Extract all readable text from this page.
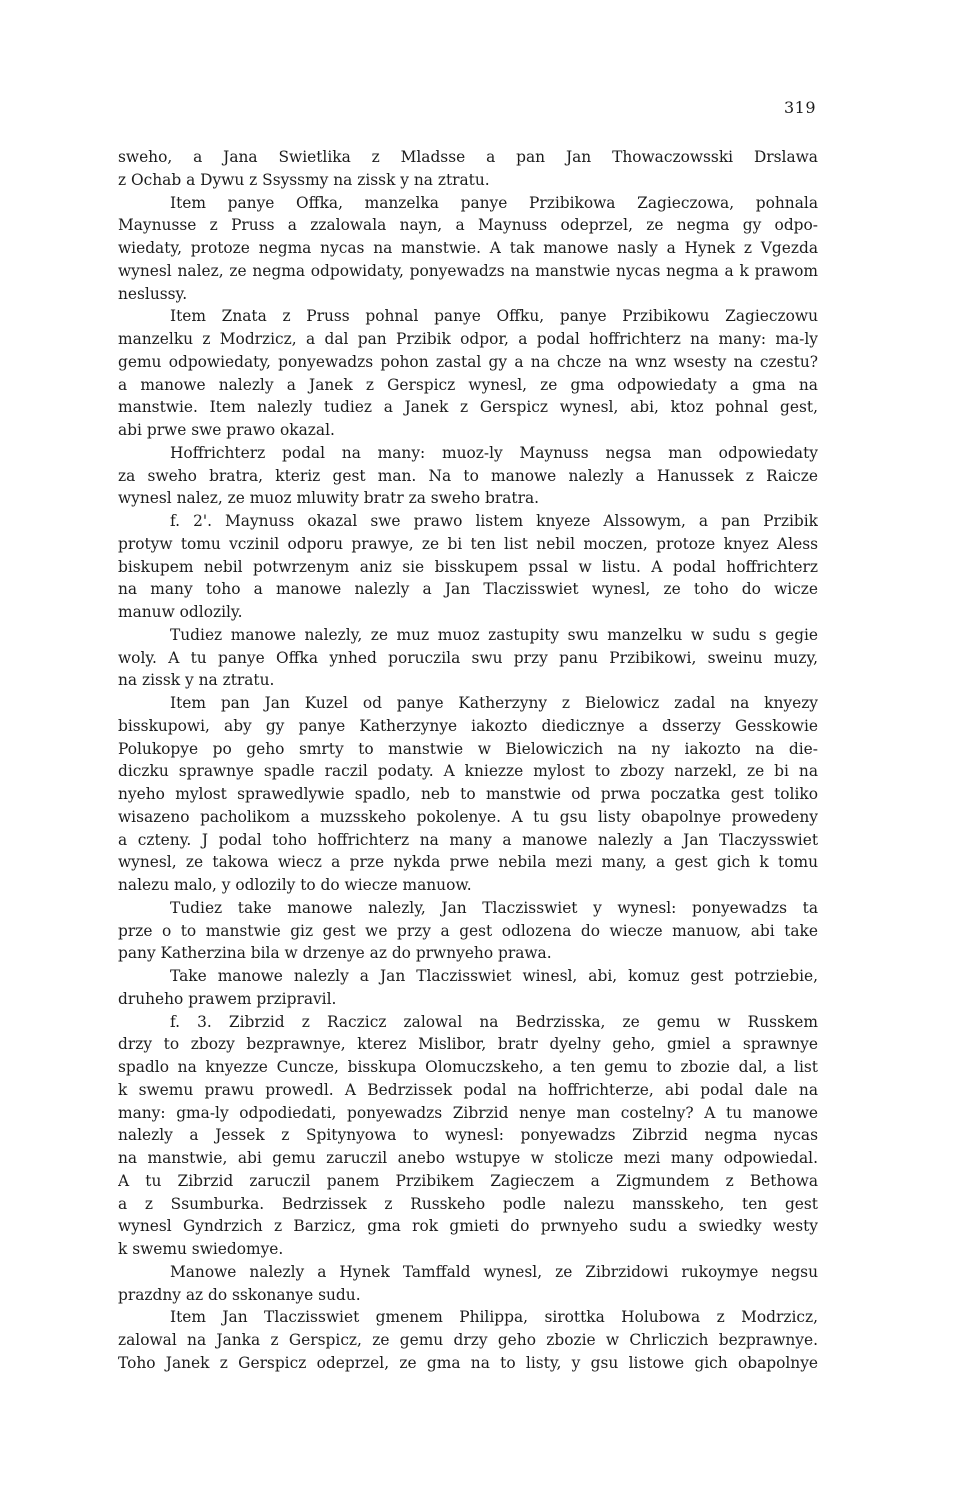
319
sweho, a Jana Swietlika z Mladsse a pan Jan Thowaczowsski Drslawa
z Ochab a Dywu z Ssyssmy na zissk y na ztratu.
Item panye Offka, manzelka panye Przibikowa Zagieczowa, pohnala
Maynusse z Pruss a zzalowala nayn, a Maynuss odeprzel, ze negma gy odpo-
wiedaty, protoze negma nycas na manstwie. A tak manowe nasly a Hynek z Vgezda
wynesl nalez, ze negma odpowidaty, ponyewadzs na manstwie nycas negma a k prawom
neslussy.
Item Znata z Pruss pohnal panye Offku, panye Przibikowu Zagieczowu
manzelku z Modrzicz, a dal pan Przibik odpor, a podal hoffrichterz na many: ma-ly
gemu odpowiedaty, ponyewadzs pohon zastal gy a na chcze na wnz wsesty na czestu?
a manowe nalezly a Janek z Gerspicz wynesl, ze gma odpowiedaty a gma na
manstwie. Item nalezly tudiez a Janek z Gerspicz wynesl, abi, ktoz pohnal gest,
abi prwe swe prawo okazal.
Hoffrichterz podal na many: muoz-ly Maynuss negsa man odpowiedaty
za sweho bratra, kteriz gest man. Na to manowe nalezly a Hanussek z Raicze
wynesl nalez, ze muoz mluwity bratr za sweho bratra.
f. 2'. Maynuss okazal swe prawo listem knyeze Alssowym, a pan Przibik
protyw tomu vczinil odporu prawye, ze bi ten list nebil moczen, protoze knyez Aless
biskupem nebil potwrzenym aniz sie bisskupem pssal w listu. A podal hoffrichterz
na many toho a manowe nalezly a Jan Tlaczisswiet wynesl, ze toho do wicze
manuw odlozily.
Tudiez manowe nalezly, ze muz muoz zastupity swu manzelku w sudu s gegie
woly. A tu panye Offka ynhed poruczila swu przy panu Przibikowi, sweinu muzy,
na zissk y na ztratu.
Item pan Jan Kuzel od panye Katherzyny z Bielowicz zadal na knyezy
bisskupowi, aby gy panye Katherzynye iakozto diedicznye a dsserzy Gesskowie
Polukopye po geho smrty to manstwie w Bielowiczich na ny iakozto na die-
diczku sprawnye spadle raczil podaty. A kniezze mylost to zbozy narzekl, ze bi na
nyeho mylost sprawedlywie spadlo, neb to manstwie od prwa poczatka gest toliko
wisazeno pacholikom a muzsskeho pokolenye. A tu gsu listy obapolnye prowedeny
a czteny. J podal toho hoffrichterz na many a manowe nalezly a Jan Tlaczysswiet
wynesl, ze takowa wiecz a prze nykda prwe nebila mezi many, a gest gich k tomu
nalezu malo, y odlozily to do wiecze manuow.
Tudiez take manowe nalezly, Jan Tlaczisswiet y wynesl: ponyewadzs ta
prze o to manstwie giz gest we przy a gest odlozena do wiecze manuow, abi take
pany Katherzina bila w drzenye az do prwnyeho prawa.
Take manowe nalezly a Jan Tlaczisswiet winesl, abi, komuz gest potrziebie,
druheho prawem przipravil.
f. 3. Zibrzid z Raczicz zalowal na Bedrzisska, ze gemu w Russkem
drzy to zbozy bezprawnye, kterez Mislibor, bratr dyelny geho, gmiel a sprawnye
spadlo na knyezze Cuncze, bisskupa Olomuczskeho, a ten gemu to zbozie dal, a list
k swemu prawu prowedl. A Bedrzissek podal na hoffrichterze, abi podal dale na
many: gma-ly odpodiedati, ponyewadzs Zibrzid nenye man costelny? A tu manowe
nalezly a Jessek z Spitynyowa to wynesl: ponyewadzs Zibrzid negma nycas
na manstwie, abi gemu zaruczil anebo wstupye w stolicze mezi many odpowiedal.
A tu Zibrzid zaruczil panem Przibikem Zagieczem a Zigmundem z Bethowa
a z Ssumburka. Bedrzissek z Russkeho podle nalezu mansskeho, ten gest
wynesl Gyndrzich z Barzicz, gma rok gmieti do prwnyeho sudu a swiedky westy
k swemu swiedomye.
Manowe nalezly a Hynek Tamffald wynesl, ze Zibrzidowi rukoymye negsu
prazdny az do sskonanye sudu.
Item Jan Tlaczisswiet gmenem Philippa, sirottka Holubowa z Modrzicz,
zalowal na Janka z Gerspicz, ze gemu drzy geho zbozie w Chrliczich bezprawnye.
Toho Janek z Gerspicz odeprzel, ze gma na to listy, y gsu listowe gich obapolnye
